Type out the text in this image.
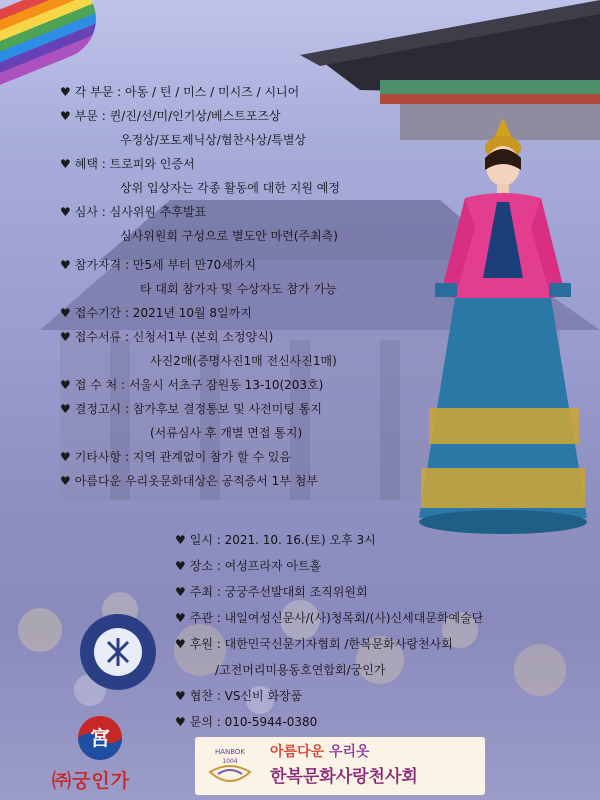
♥ 각 부문 : 아동 / 틴 / 미스 / 미시즈 / 시니어
♥ 부문 : 퀸/진/선/미/인기상/베스트포즈상
우정상/포토제닉상/협찬사상/특별상
♥ 혜택 : 트로피와 인증서
상위 입상자는 각종 활동에 대한 지원 예정
♥ 심사 : 심사위원 추후발표
심사위원회 구성으로 별도안 마련(주최측)
♥ 참가자격 : 만5세 부터 만70세까지
타 대회 참가자 및 수상자도 참가 가능
♥ 접수기간 : 2021년 10월 8일까지
♥ 접수서류 : 신청서1부 (본회 소정양식)
사진2매(증명사진1매 전신사진1매)
♥ 접 수 처 : 서울시 서초구 잠원동 13-10(203호)
♥ 결정고시 : 참가후보 결정통보 및 사전미팅 통지
(서류심사 후 개별 면접 통지)
♥ 기타사항 : 지역 관계없이 참가 할 수 있음
♥ 아름다운 우리옷문화대상은 공적증서 1부 첨부
♥ 일시 : 2021. 10. 16.(토) 오후 3시
♥ 장소 : 여성프라자 아트홀
♥ 주최 : 궁궁주선발대회 조직위원회
♥ 주관 : 내일여성신문사/(사)청목회/(사)신세대문화예술단
♥ 후원 : 대한민국신문기자협회 /한복문화사랑천사회
/고전머리미용동호연합회/궁인가
♥ 협찬 : VS신비 화장품
♥ 문의 : 010-5944-0380
宮
㈜궁인가
HANBOK
1004
아름다운 우리옷
한복문화사랑천사회
